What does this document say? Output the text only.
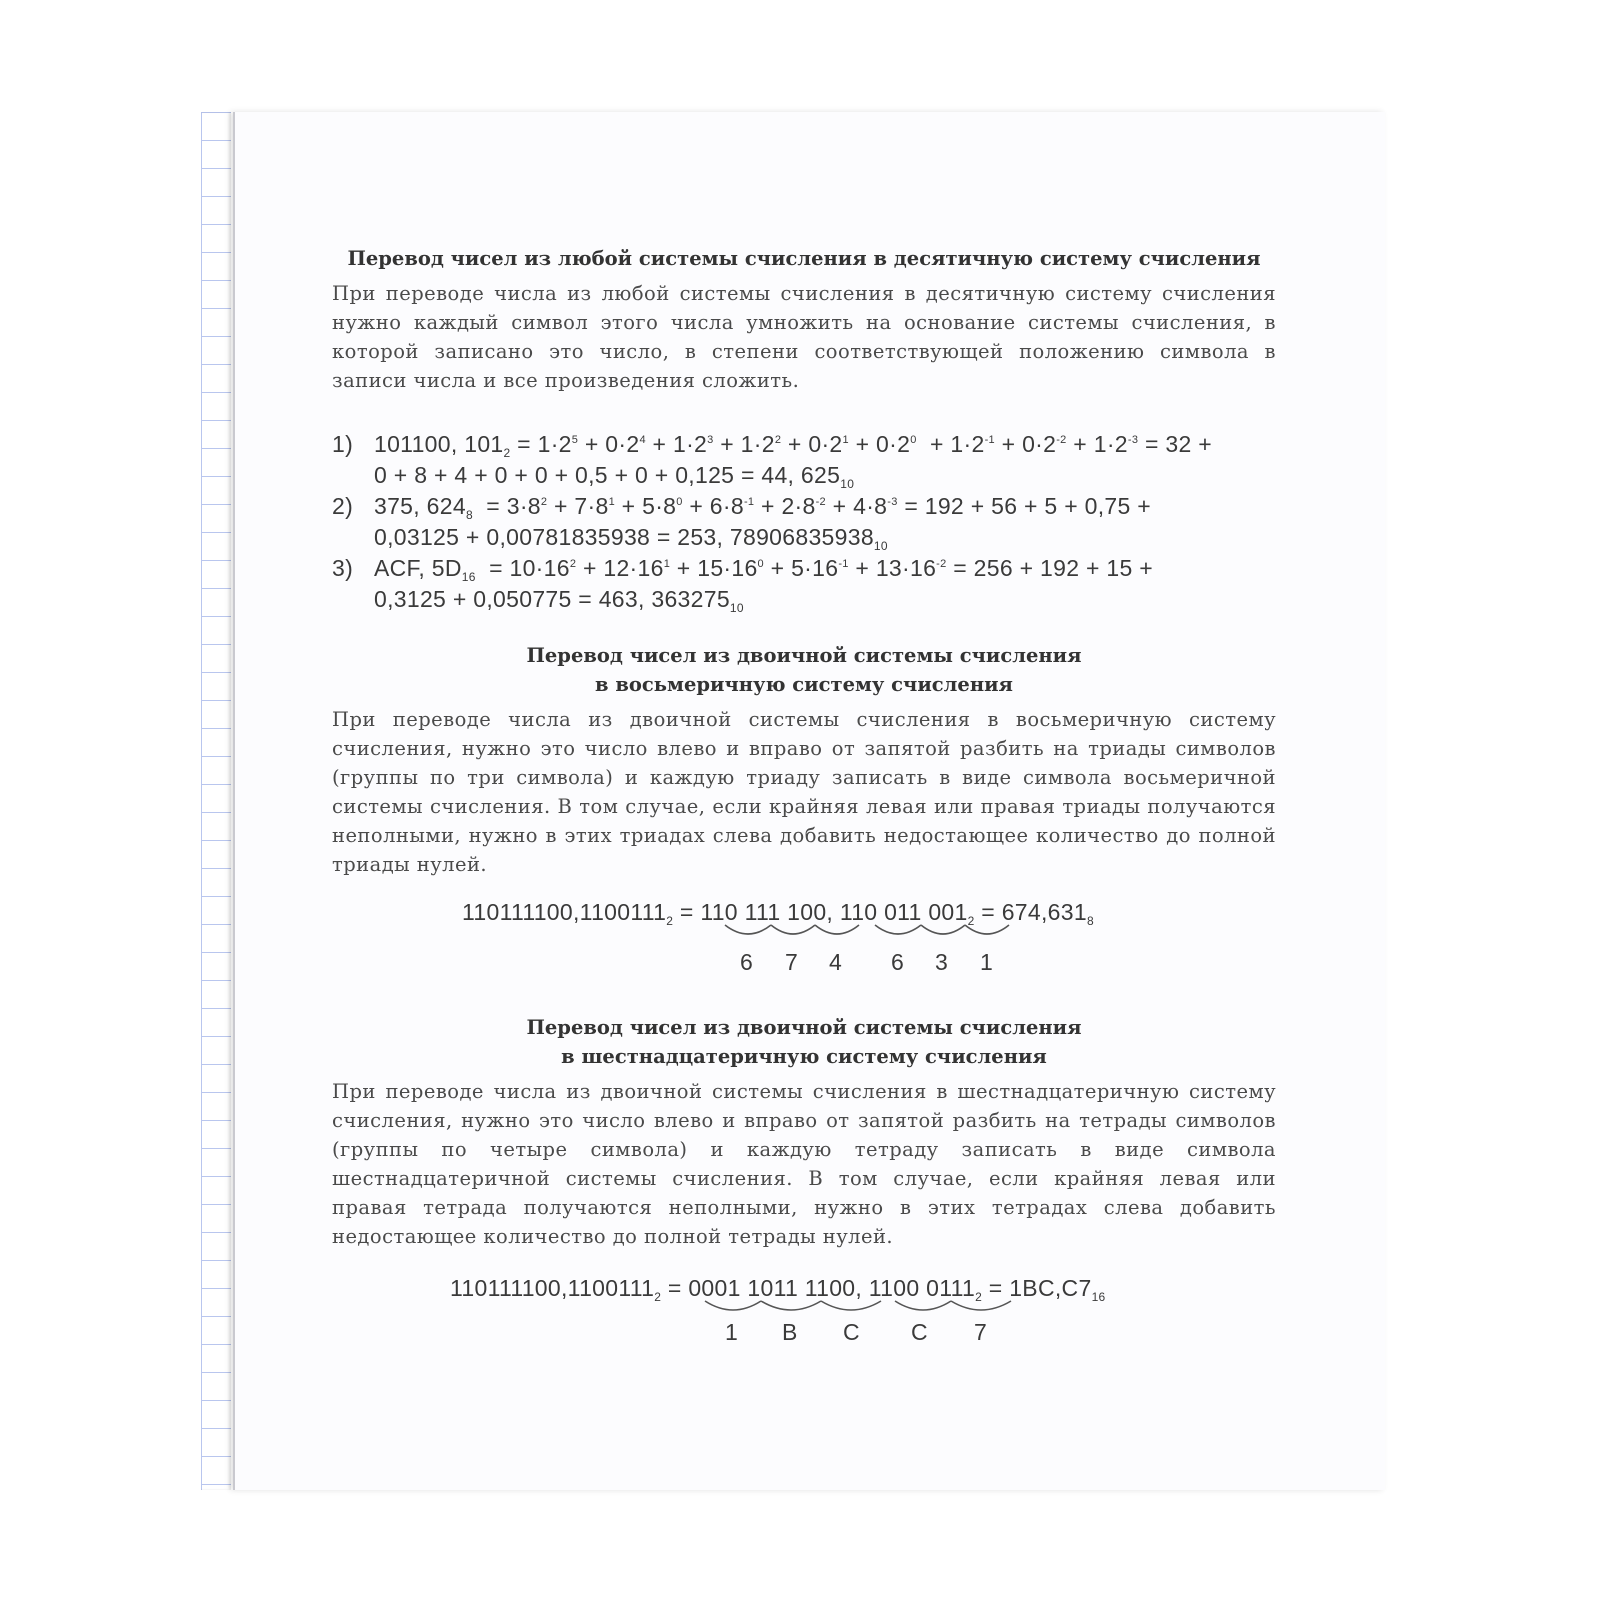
Перевод чисел из любой системы счисления в десятичную систему счисления

При переводе числа из любой системы счисления в десятичную систему счисления нужно каждый символ этого числа умножить на основание системы счисления, в которой записано это число, в степени соответствующей положению символа в записи числа и все произведения сложить.

1) 101100, $101_2 = 1\cdot 2^5 + 0\cdot 2^4 + 1\cdot 2^3 + 1\cdot 2^2 + 0\cdot 2^1 + 0\cdot 2^0 + 1\cdot 2^{-1} + 0\cdot 2^{-2} + 1\cdot 2^{-3} = 32$ +
0 + 8 + 4 + 0 + 0 + 0,5 + 0 + 0,125 = 44, $625_{10}$
2) 375, $624_8 = 3\cdot 8^2 + 7\cdot 8^1 + 5\cdot 8^0 + 6\cdot 8^{-1} + 2\cdot 8^{-2} + 4\cdot 8^{-3} = 192 + 56 + 5 + 0,75$ +
0,03125 + 0,00781835938 = 253, $78906835938_{10}$
3) ACF, $5D_{16} = 10\cdot 16^2 + 12\cdot 16^1 + 15\cdot 16^0 + 5\cdot 16^{-1} + 13\cdot 16^{-2} = 256 + 192 + 15$ +
0,3125 + 0,050775 = 463, $363275_{10}$
Перевод чисел из двоичной системы счисления
в восьмеричную систему счисления

При переводе числа из двоичной системы счисления в восьмеричную систему счисления, нужно это число влево и вправо от запятой разбить на триады символов (группы по три символа) и каждую триаду записать в виде символа восьмеричной системы счисления. В том случае, если крайняя левая или правая триады получаются неполными, нужно в этих триадах слева добавить недостающее количество до полной триады нулей.

$110111100,1100111_2 = 110$ 111 100, 110 011 $001_2 = 674,631_8$
6 7 4 6 3 1
Перевод чисел из двоичной системы счисления
в шестнадцатеричную систему счисления

При переводе числа из двоичной системы счисления в шестнадцатеричную систему счисления, нужно это число влево и вправо от запятой разбить на тетрады символов (группы по четыре символа) и каждую тетраду записать в виде символа шестнадцатеричной системы счисления. В том случае, если крайняя левая или правая тетрада получаются неполными, нужно в этих тетрадах слева добавить недостающее количество до полной тетрады нулей.

$110111100,1100111_2 = 0001$ 1011 1100, 1100 $0111_2 = 1BC,C7_{16}$
1 B C C 7
